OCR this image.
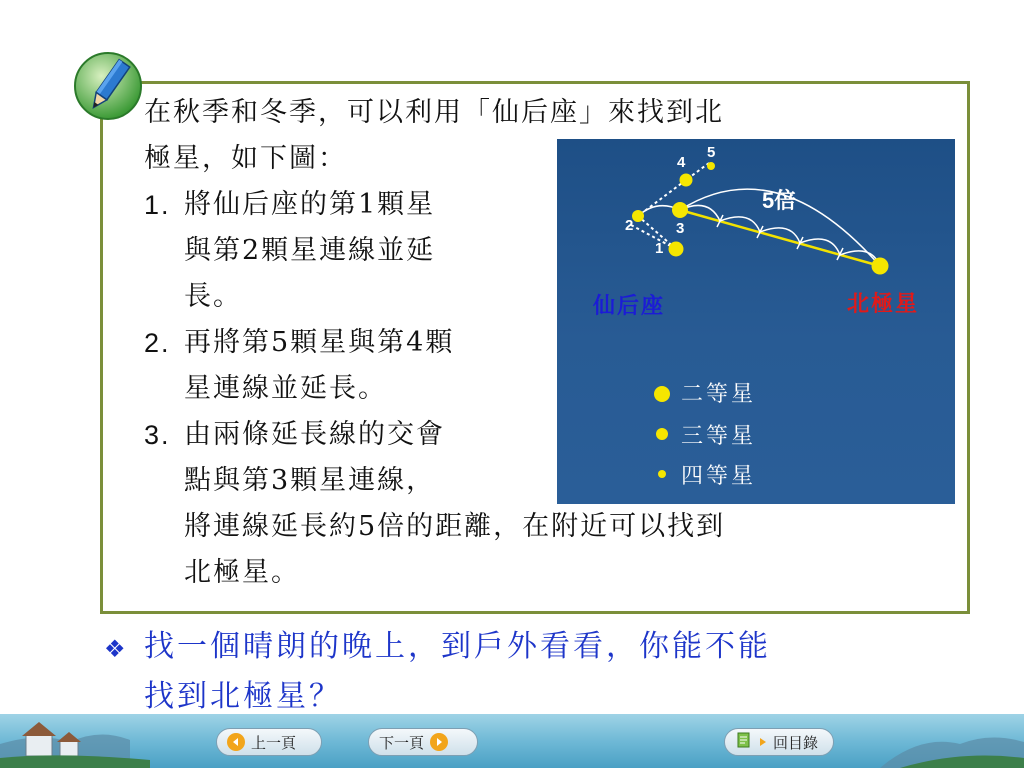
在秋季和冬季，可以利用「仙后座」來找到北
極星，如下圖：
1. 將仙后座的第1顆星
與第2顆星連線並延
長。
2. 再將第5顆星與第4顆
星連線並延長。
3. 由兩條延長線的交會
點與第3顆星連線，
將連線延長約5倍的距離，在附近可以找到
北極星。
1
2	3
4
5
5倍
仙后座	北極星
二等星
三等星
四等星
❖ 找一個晴朗的晚上，到戶外看看，你能不能
找到北極星？
上一頁	下一頁	回目錄
